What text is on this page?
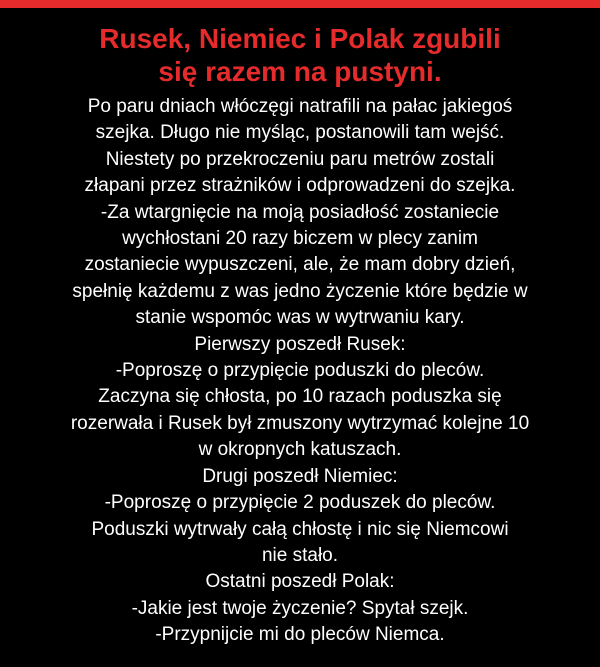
Rusek, Niemiec i Polak zgubili
się razem na pustyni.
Po paru dniach włóczęgi natrafili na pałac jakiegoś
szejka. Długo nie myśląc, postanowili tam wejść.
Niestety po przekroczeniu paru metrów zostali
złapani przez strażników i odprowadzeni do szejka.
-Za wtargnięcie na moją posiadłość zostaniecie
wychłostani 20 razy biczem w plecy zanim
zostaniecie wypuszczeni, ale, że mam dobry dzień,
spełnię każdemu z was jedno życzenie które będzie w
stanie wspomóc was w wytrwaniu kary.
Pierwszy poszedł Rusek:
-Poproszę o przypięcie poduszki do pleców.
Zaczyna się chłosta, po 10 razach poduszka się
rozerwała i Rusek był zmuszony wytrzymać kolejne 10
w okropnych katuszach.
Drugi poszedł Niemiec:
-Poproszę o przypięcie 2 poduszek do pleców.
Poduszki wytrwały całą chłostę i nic się Niemcowi
nie stało.
Ostatni poszedł Polak:
-Jakie jest twoje życzenie? Spytał szejk.
-Przypnijcie mi do pleców Niemca.
